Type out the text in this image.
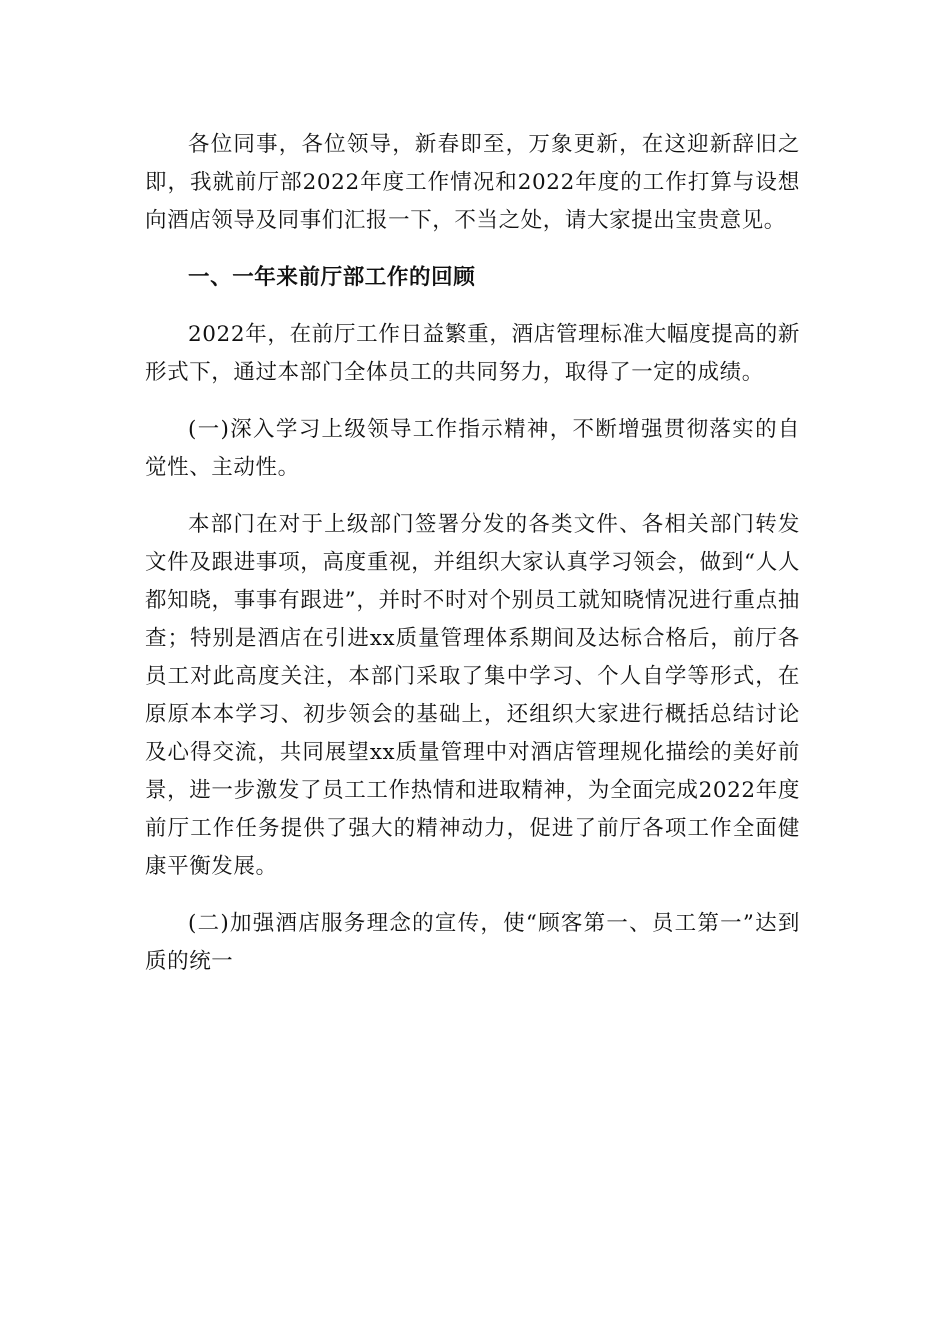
各位同事，各位领导，新春即至，万象更新，在这迎新辞旧之即，我就前厅部2022年度工作情况和2022年度的工作打算与设想向酒店领导及同事们汇报一下，不当之处，请大家提出宝贵意见。

一、一年来前厅部工作的回顾

2022年，在前厅工作日益繁重，酒店管理标准大幅度提高的新形式下，通过本部门全体员工的共同努力，取得了一定的成绩。

(一)深入学习上级领导工作指示精神，不断增强贯彻落实的自觉性、主动性。

本部门在对于上级部门签署分发的各类文件、各相关部门转发文件及跟进事项，高度重视，并组织大家认真学习领会，做到“人人都知晓，事事有跟进”，并时不时对个别员工就知晓情况进行重点抽查；特别是酒店在引进xx质量管理体系期间及达标合格后，前厅各员工对此高度关注，本部门采取了集中学习、个人自学等形式，在原原本本学习、初步领会的基础上，还组织大家进行概括总结讨论及心得交流，共同展望xx质量管理中对酒店管理规化描绘的美好前景，进一步激发了员工工作热情和进取精神，为全面完成2022年度前厅工作任务提供了强大的精神动力，促进了前厅各项工作全面健康平衡发展。

(二)加强酒店服务理念的宣传，使“顾客第一、员工第一”达到质的统一
